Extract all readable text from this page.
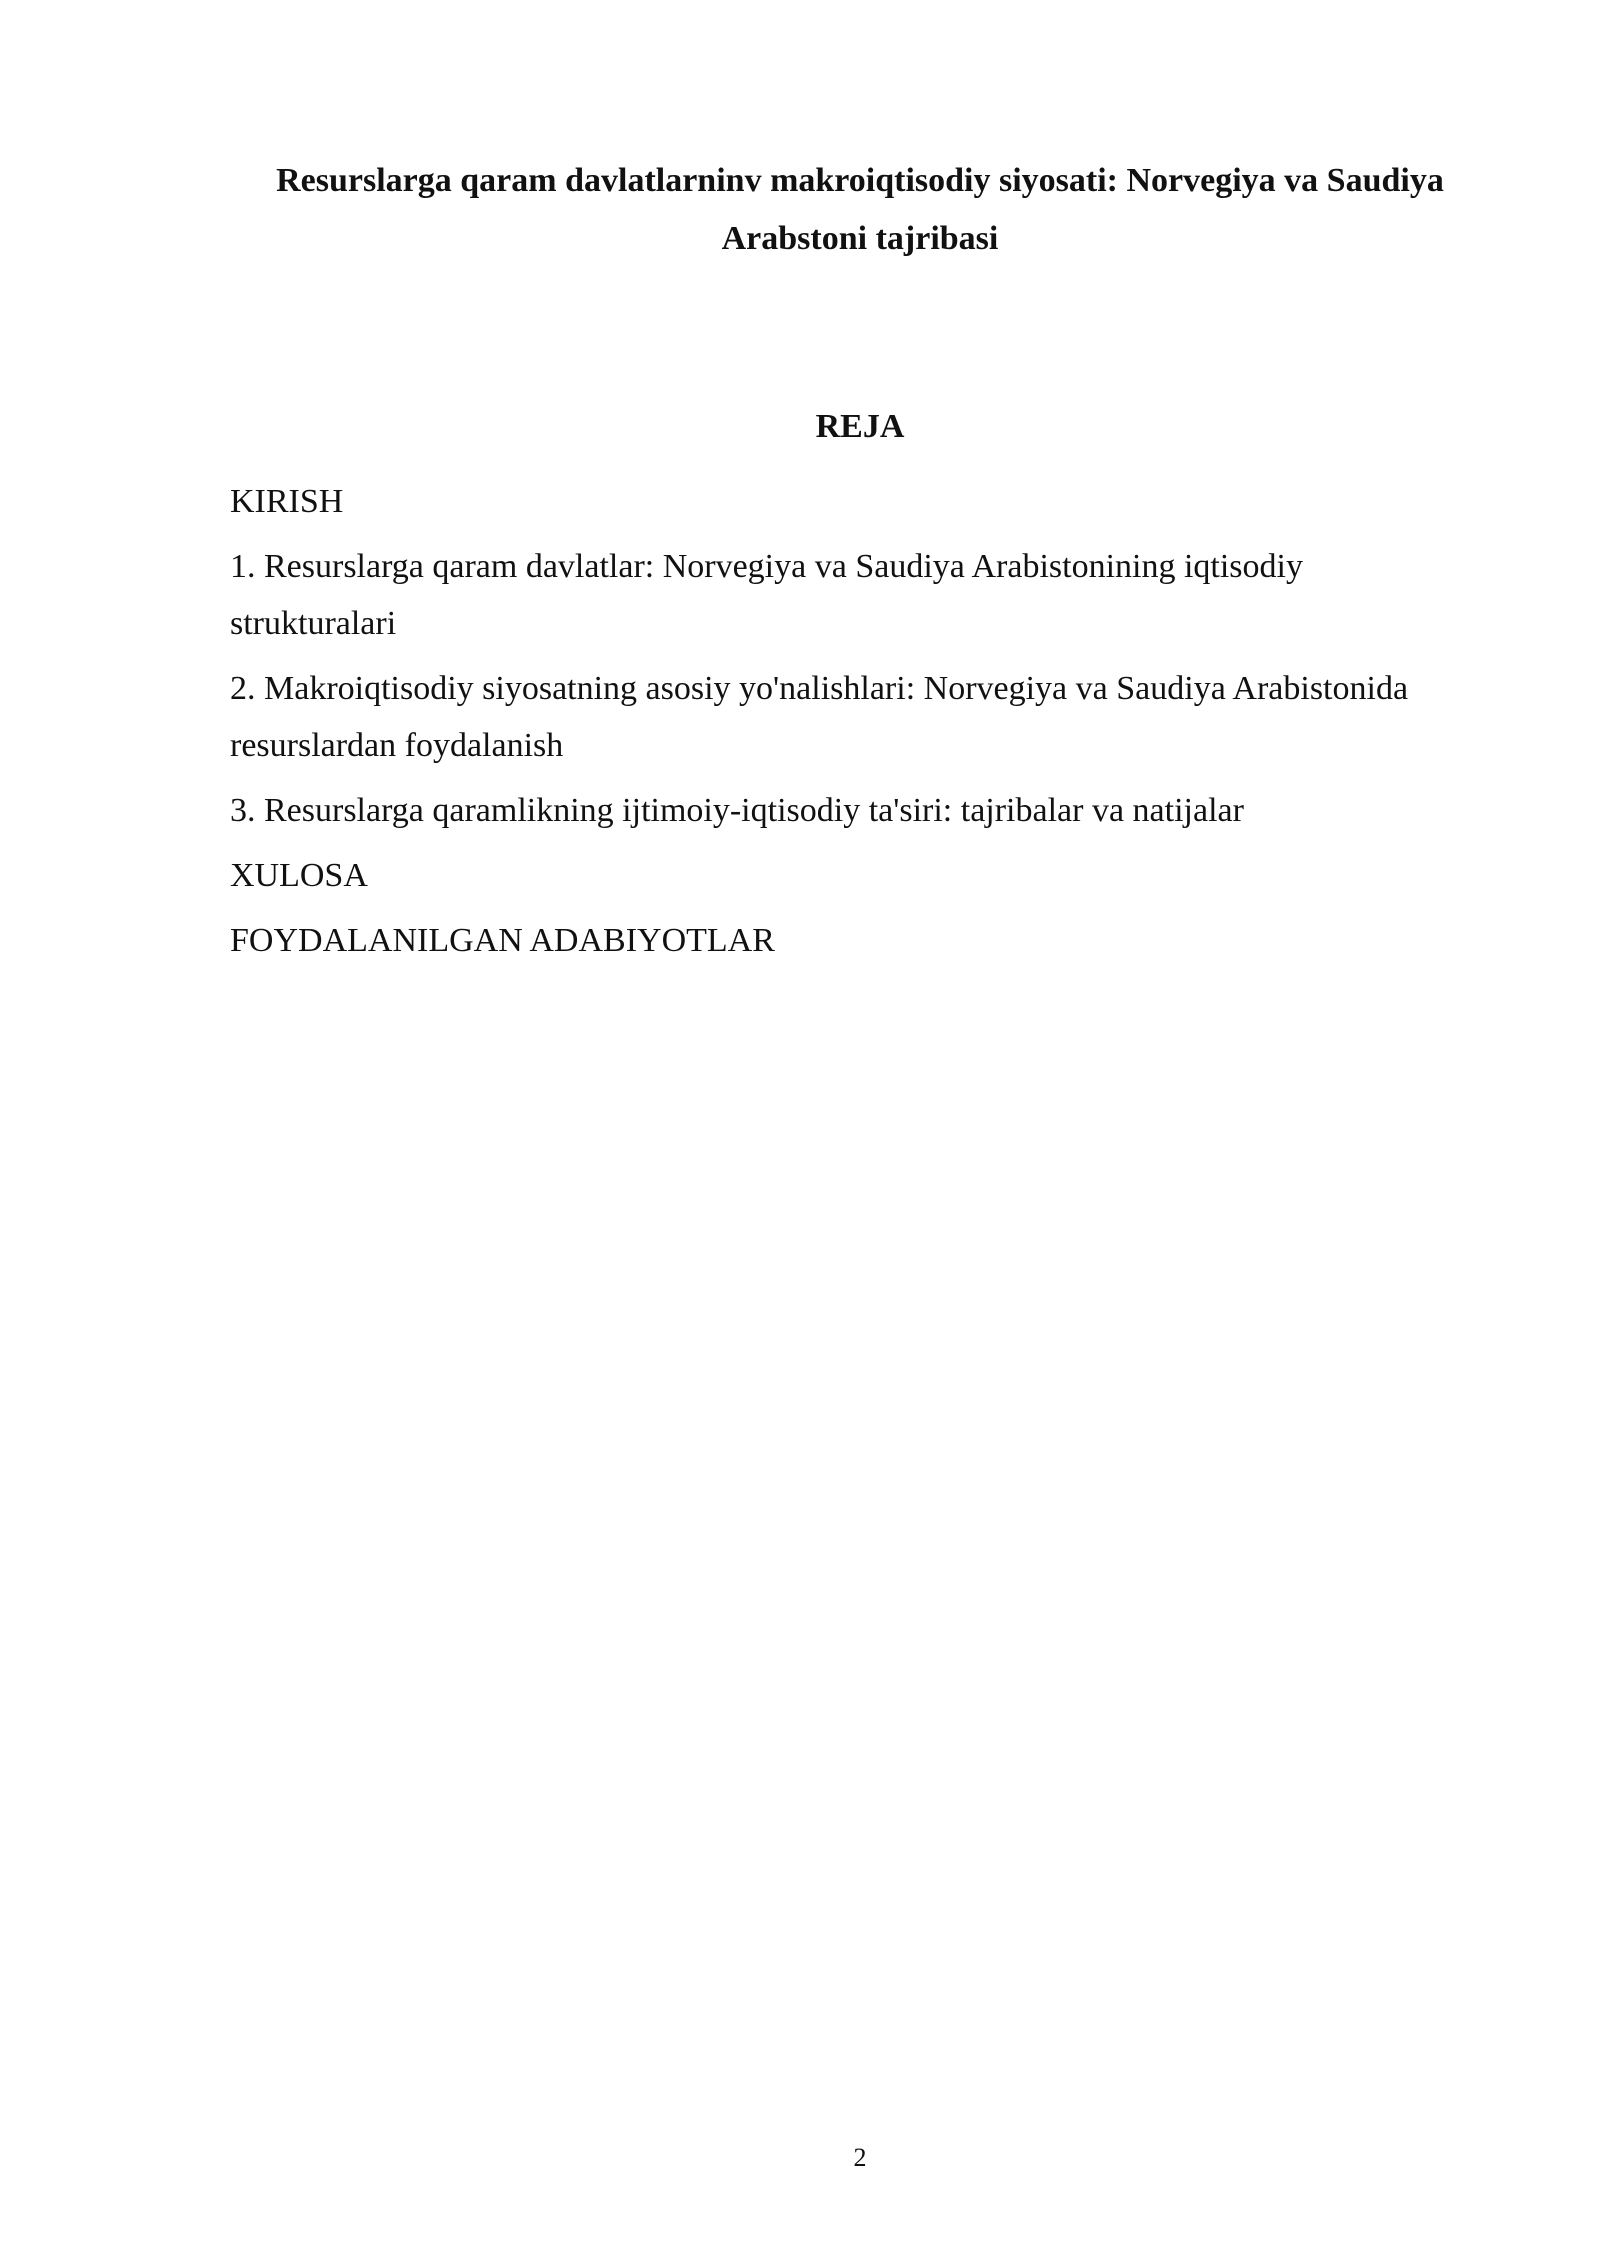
Resurslarga qaram davlatlarninv makroiqtisodiy siyosati: Norvegiya va Saudiya Arabstoni tajribasi
REJA
KIRISH
1. Resurslarga qaram davlatlar: Norvegiya va Saudiya Arabistonining iqtisodiy strukturalari
2. Makroiqtisodiy siyosatning asosiy yo'nalishlari: Norvegiya va Saudiya Arabistonida resurslardan foydalanish
3. Resurslarga qaramlikning ijtimoiy-iqtisodiy ta'siri: tajribalar va natijalar
XULOSA
FOYDALANILGAN ADABIYOTLAR
2
